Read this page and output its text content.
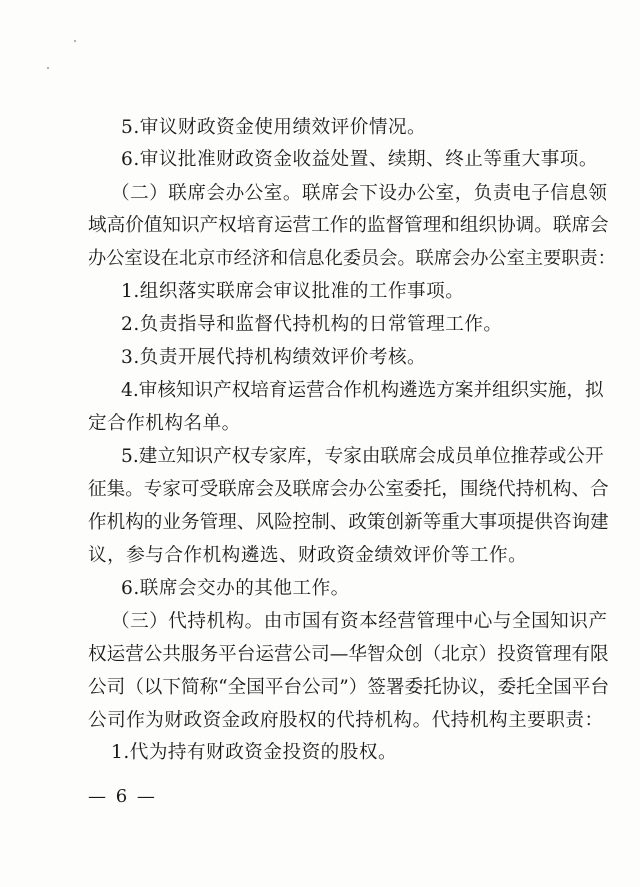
5.审议财政资金使用绩效评价情况。
6.审议批准财政资金收益处置、续期、终止等重大事项。
（二）联席会办公室。联席会下设办公室，负责电子信息领
域高价值知识产权培育运营工作的监督管理和组织协调。联席会
办公室设在北京市经济和信息化委员会。联席会办公室主要职责：
1.组织落实联席会审议批准的工作事项。
2.负责指导和监督代持机构的日常管理工作。
3.负责开展代持机构绩效评价考核。
4.审核知识产权培育运营合作机构遴选方案并组织实施，拟
定合作机构名单。
5.建立知识产权专家库，专家由联席会成员单位推荐或公开
征集。专家可受联席会及联席会办公室委托，围绕代持机构、合
作机构的业务管理、风险控制、政策创新等重大事项提供咨询建
议，参与合作机构遴选、财政资金绩效评价等工作。
6.联席会交办的其他工作。
（三）代持机构。由市国有资本经营管理中心与全国知识产
权运营公共服务平台运营公司—华智众创（北京）投资管理有限
公司（以下简称“全国平台公司”）签署委托协议，委托全国平台
公司作为财政资金政府股权的代持机构。代持机构主要职责：
1.代为持有财政资金投资的股权。
— 6 —
